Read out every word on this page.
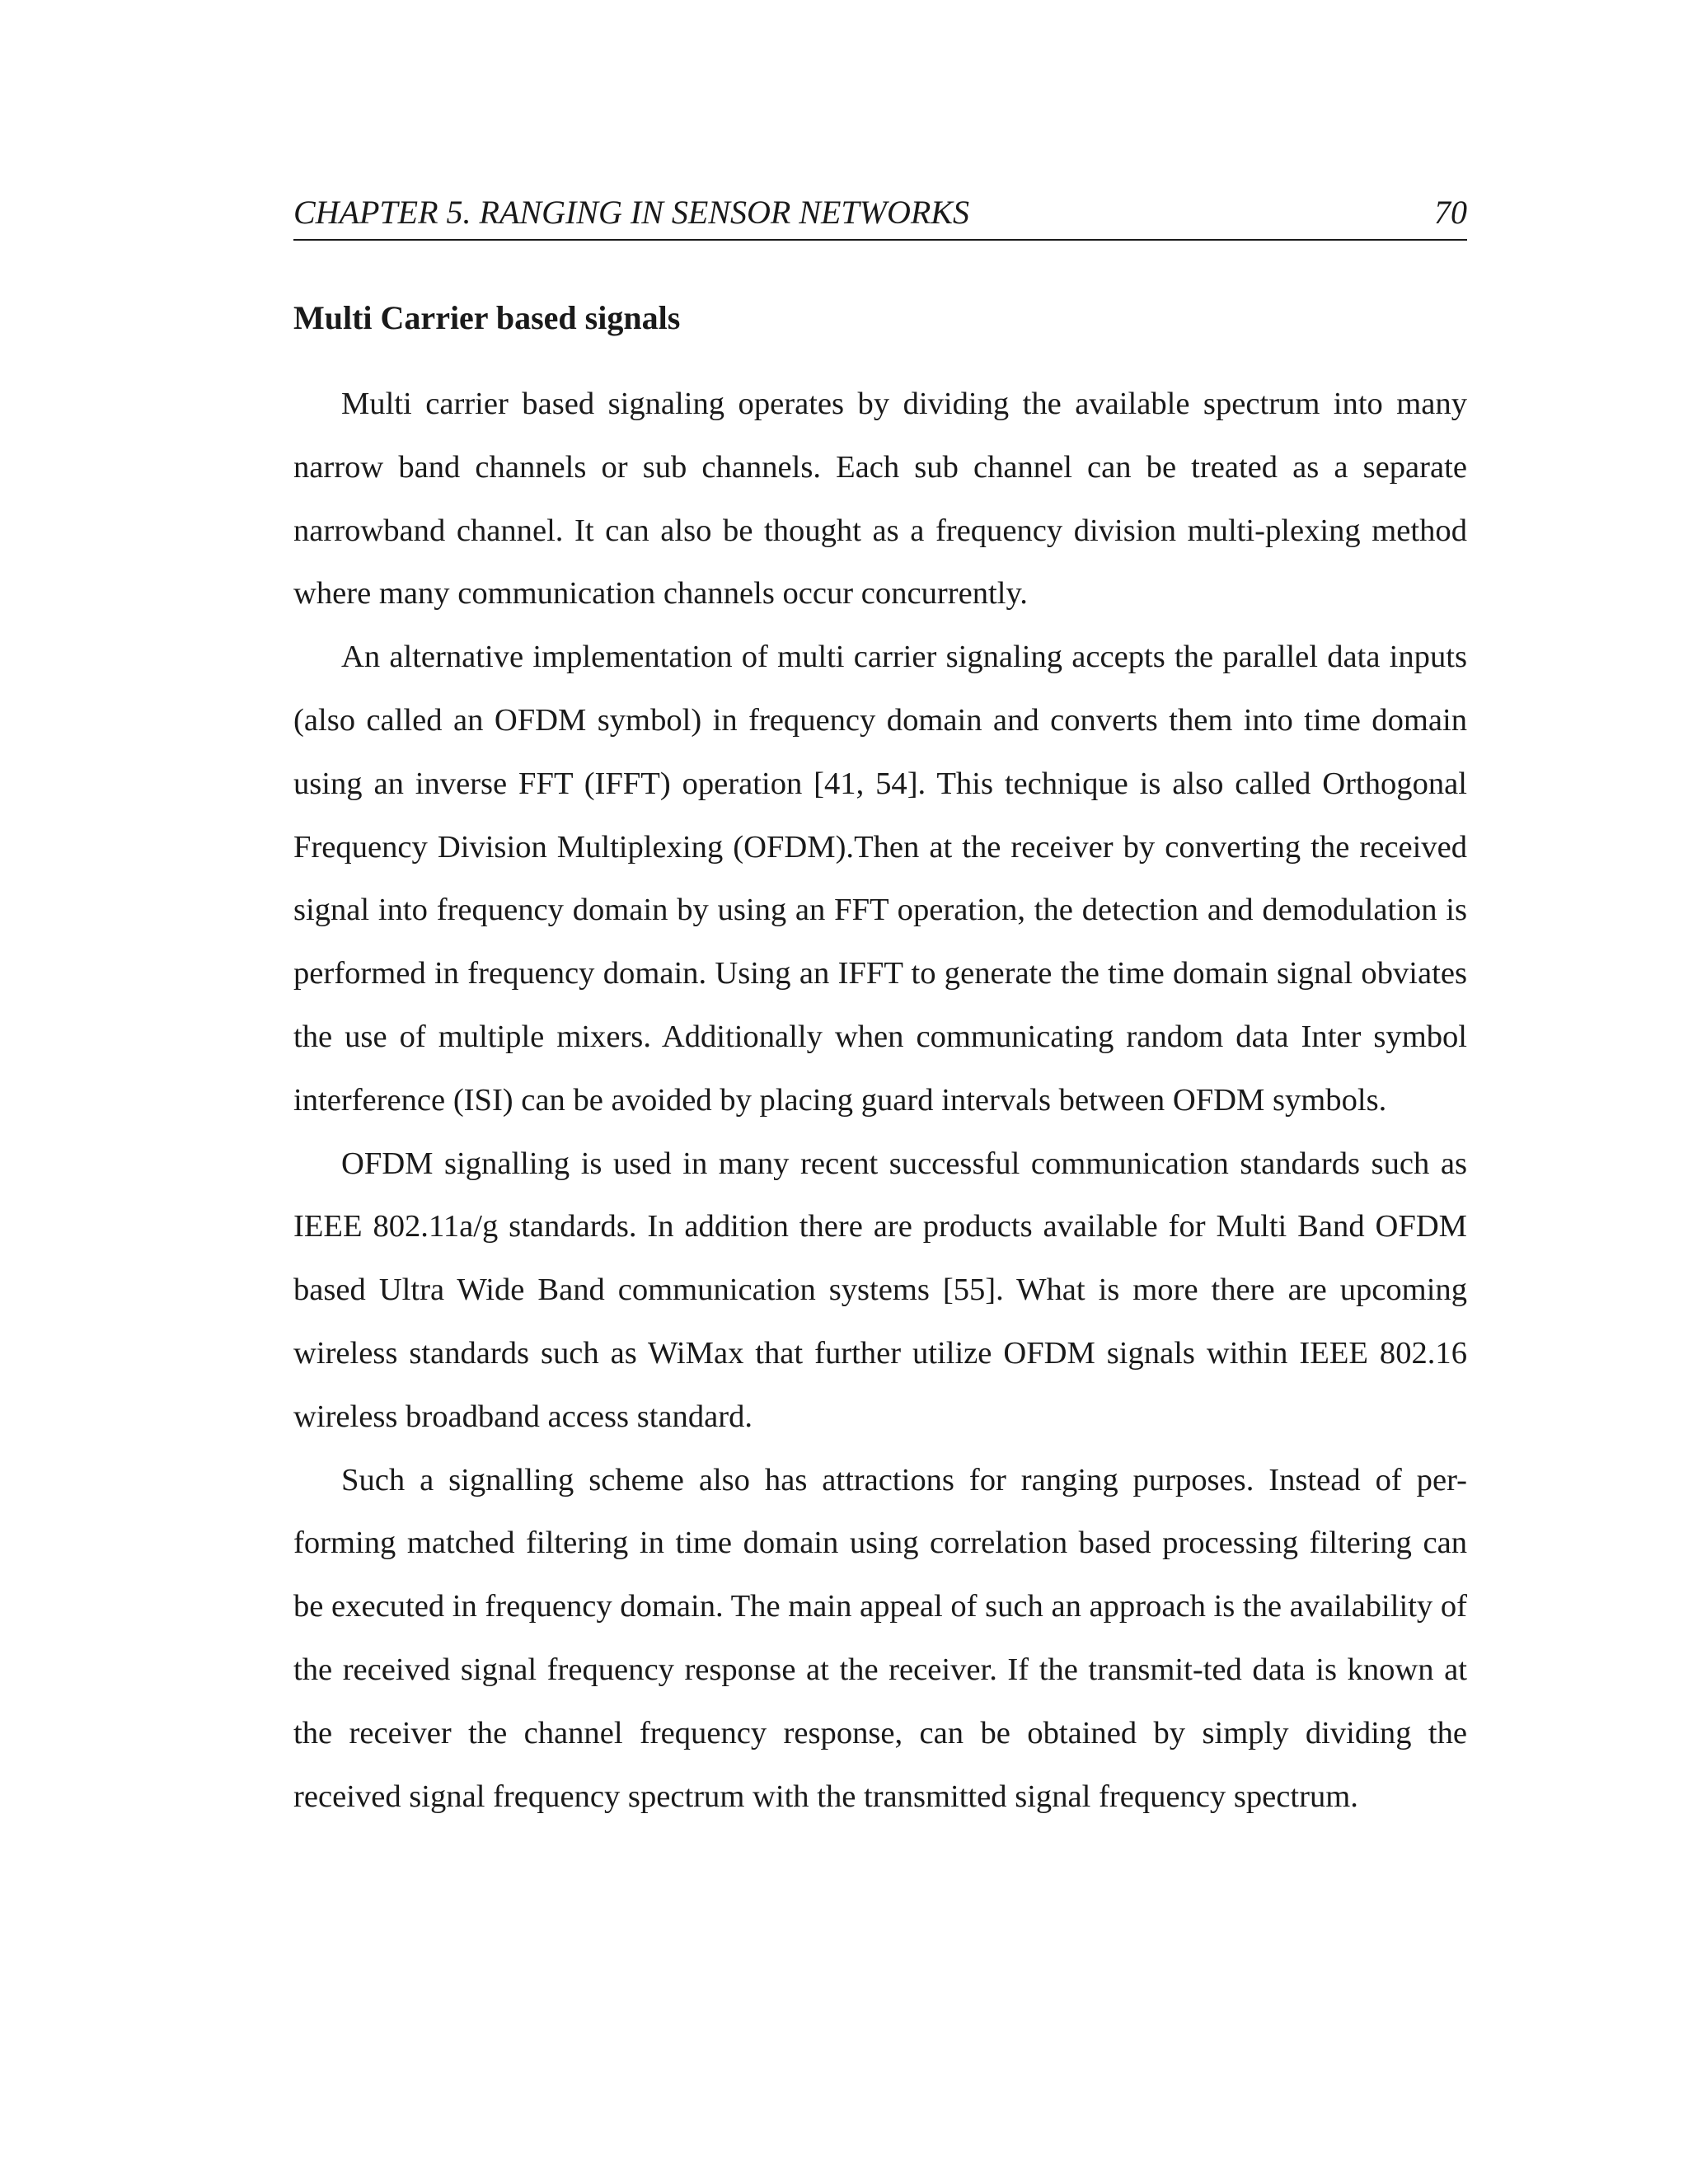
CHAPTER 5. RANGING IN SENSOR NETWORKS	70
Multi Carrier based signals

Multi carrier based signaling operates by dividing the available spectrum into many narrow band channels or sub channels. Each sub channel can be treated as a separate narrowband channel. It can also be thought as a frequency division multi-plexing method where many communication channels occur concurrently.

An alternative implementation of multi carrier signaling accepts the parallel data inputs (also called an OFDM symbol) in frequency domain and converts them into time domain using an inverse FFT (IFFT) operation [41, 54]. This technique is also called Orthogonal Frequency Division Multiplexing (OFDM).Then at the receiver by converting the received signal into frequency domain by using an FFT operation, the detection and demodulation is performed in frequency domain. Using an IFFT to generate the time domain signal obviates the use of multiple mixers. Additionally when communicating random data Inter symbol interference (ISI) can be avoided by placing guard intervals between OFDM symbols.

OFDM signalling is used in many recent successful communication standards such as IEEE 802.11a/g standards. In addition there are products available for Multi Band OFDM based Ultra Wide Band communication systems [55]. What is more there are upcoming wireless standards such as WiMax that further utilize OFDM signals within IEEE 802.16 wireless broadband access standard.

Such a signalling scheme also has attractions for ranging purposes. Instead of per-forming matched filtering in time domain using correlation based processing filtering can be executed in frequency domain. The main appeal of such an approach is the availability of the received signal frequency response at the receiver. If the transmit-ted data is known at the receiver the channel frequency response, can be obtained by simply dividing the received signal frequency spectrum with the transmitted signal frequency spectrum.
